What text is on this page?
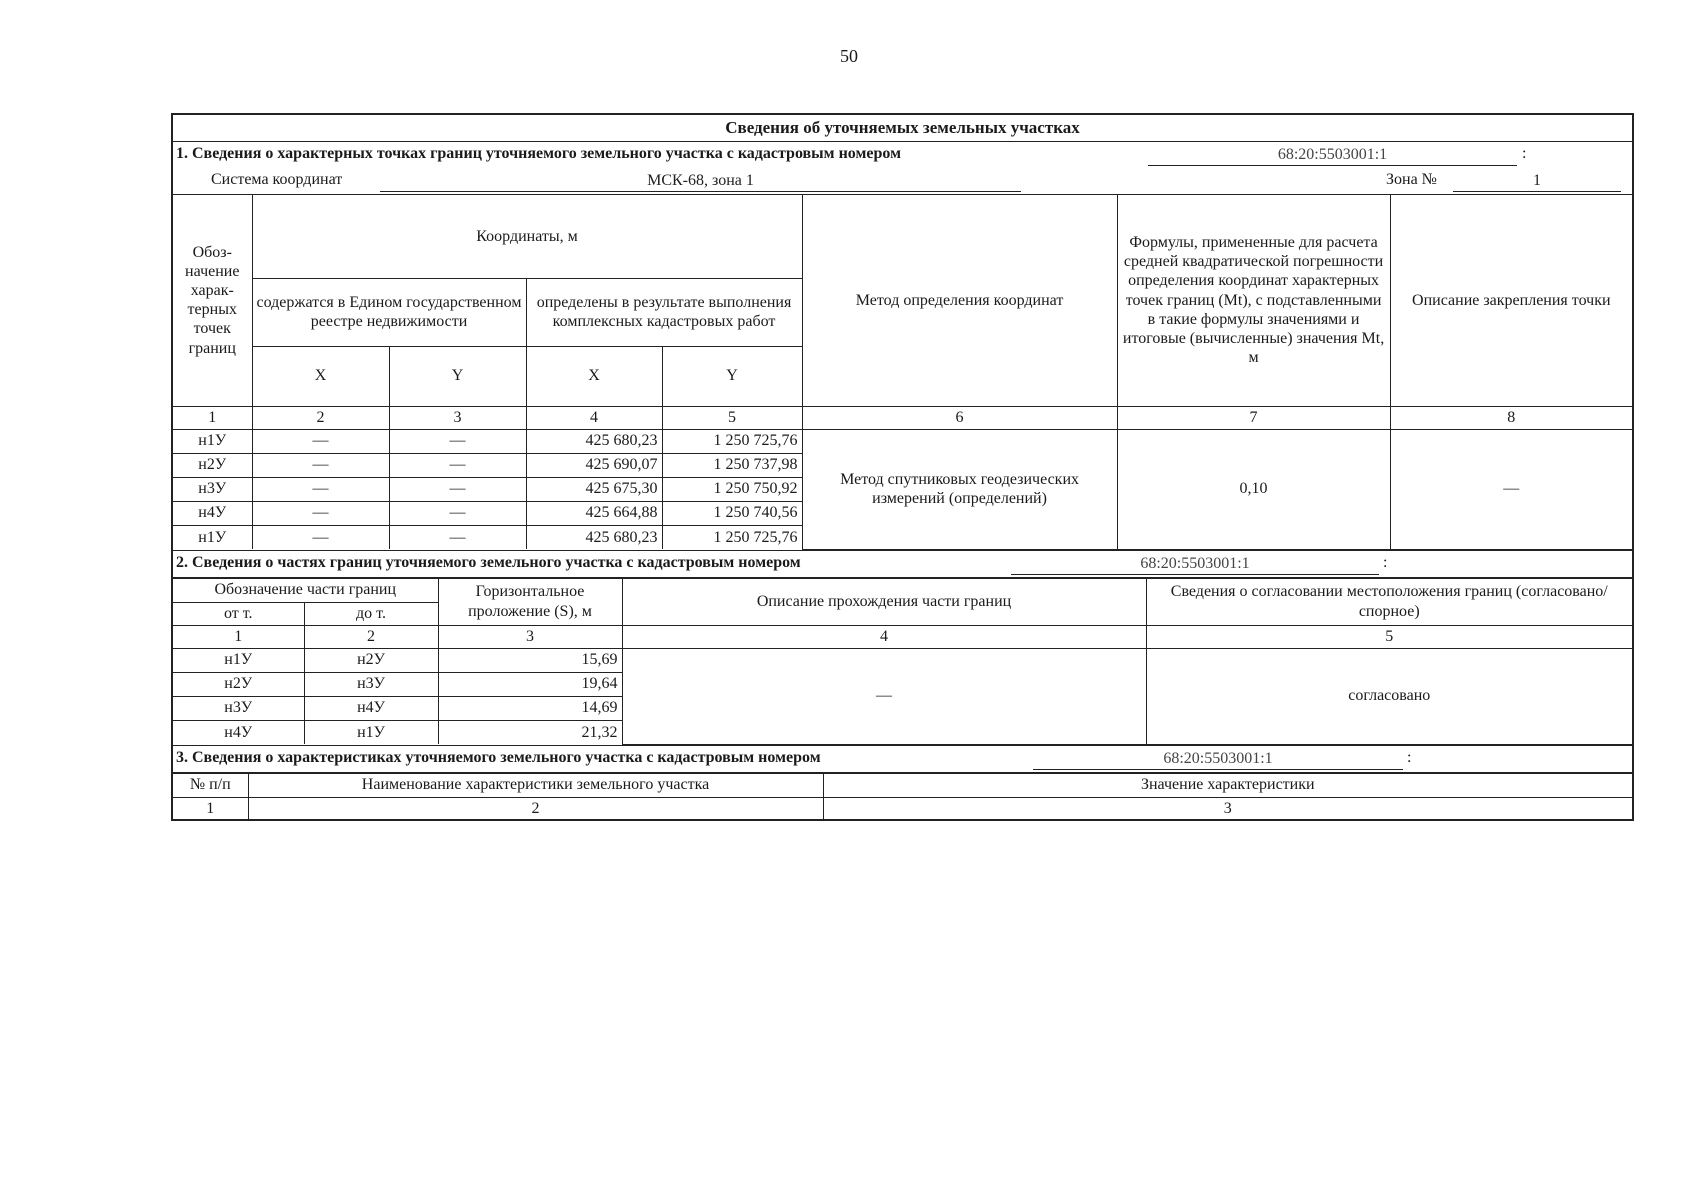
50
Сведения об уточняемых земельных участках
1. Сведения о характерных точках границ уточняемого земельного участка с кадастровым номером	68:20:5503001:1	:
Система координат	МСК-68, зона 1	Зона №	1
Обоз- начение харак- терных точек границ	Координаты, м				Метод определения координат	Формулы, примененные для расчета средней квадратической погрешности определения координат характерных точек границ (Mt), с подставленными в такие формулы значениями и итоговые (вычисленные) значения Mt, м	Описание закрепления точки
	содержатся в Едином государственном реестре недвижимости		определены в результате выполнения комплексных кадастровых работ				
	X	Y	X	Y			
1	2	3	4	5	6	7	8
н1У	—	—	425 680,23	1 250 725,76	Метод спутниковых геодезических измерений (определений)	0,10	—
н2У	—	—	425 690,07	1 250 737,98			
н3У	—	—	425 675,30	1 250 750,92			
н4У	—	—	425 664,88	1 250 740,56			
н1У	—	—	425 680,23	1 250 725,76			
2. Сведения о частях границ уточняемого земельного участка с кадастровым номером	68:20:5503001:1	:
Обозначение части границ		Горизонтальное проложение (S), м	Описание прохождения части границ	Сведения о согласовании местоположения границ (согласовано/спорное)
от т.	до т.			
1	2	3	4	5
н1У	н2У	15,69	—	согласовано
н2У	н3У	19,64		
н3У	н4У	14,69		
н4У	н1У	21,32		
3. Сведения о характеристиках уточняемого земельного участка с кадастровым номером	68:20:5503001:1	:
№ п/п	Наименование характеристики земельного участка	Значение характеристики
1	2	3
